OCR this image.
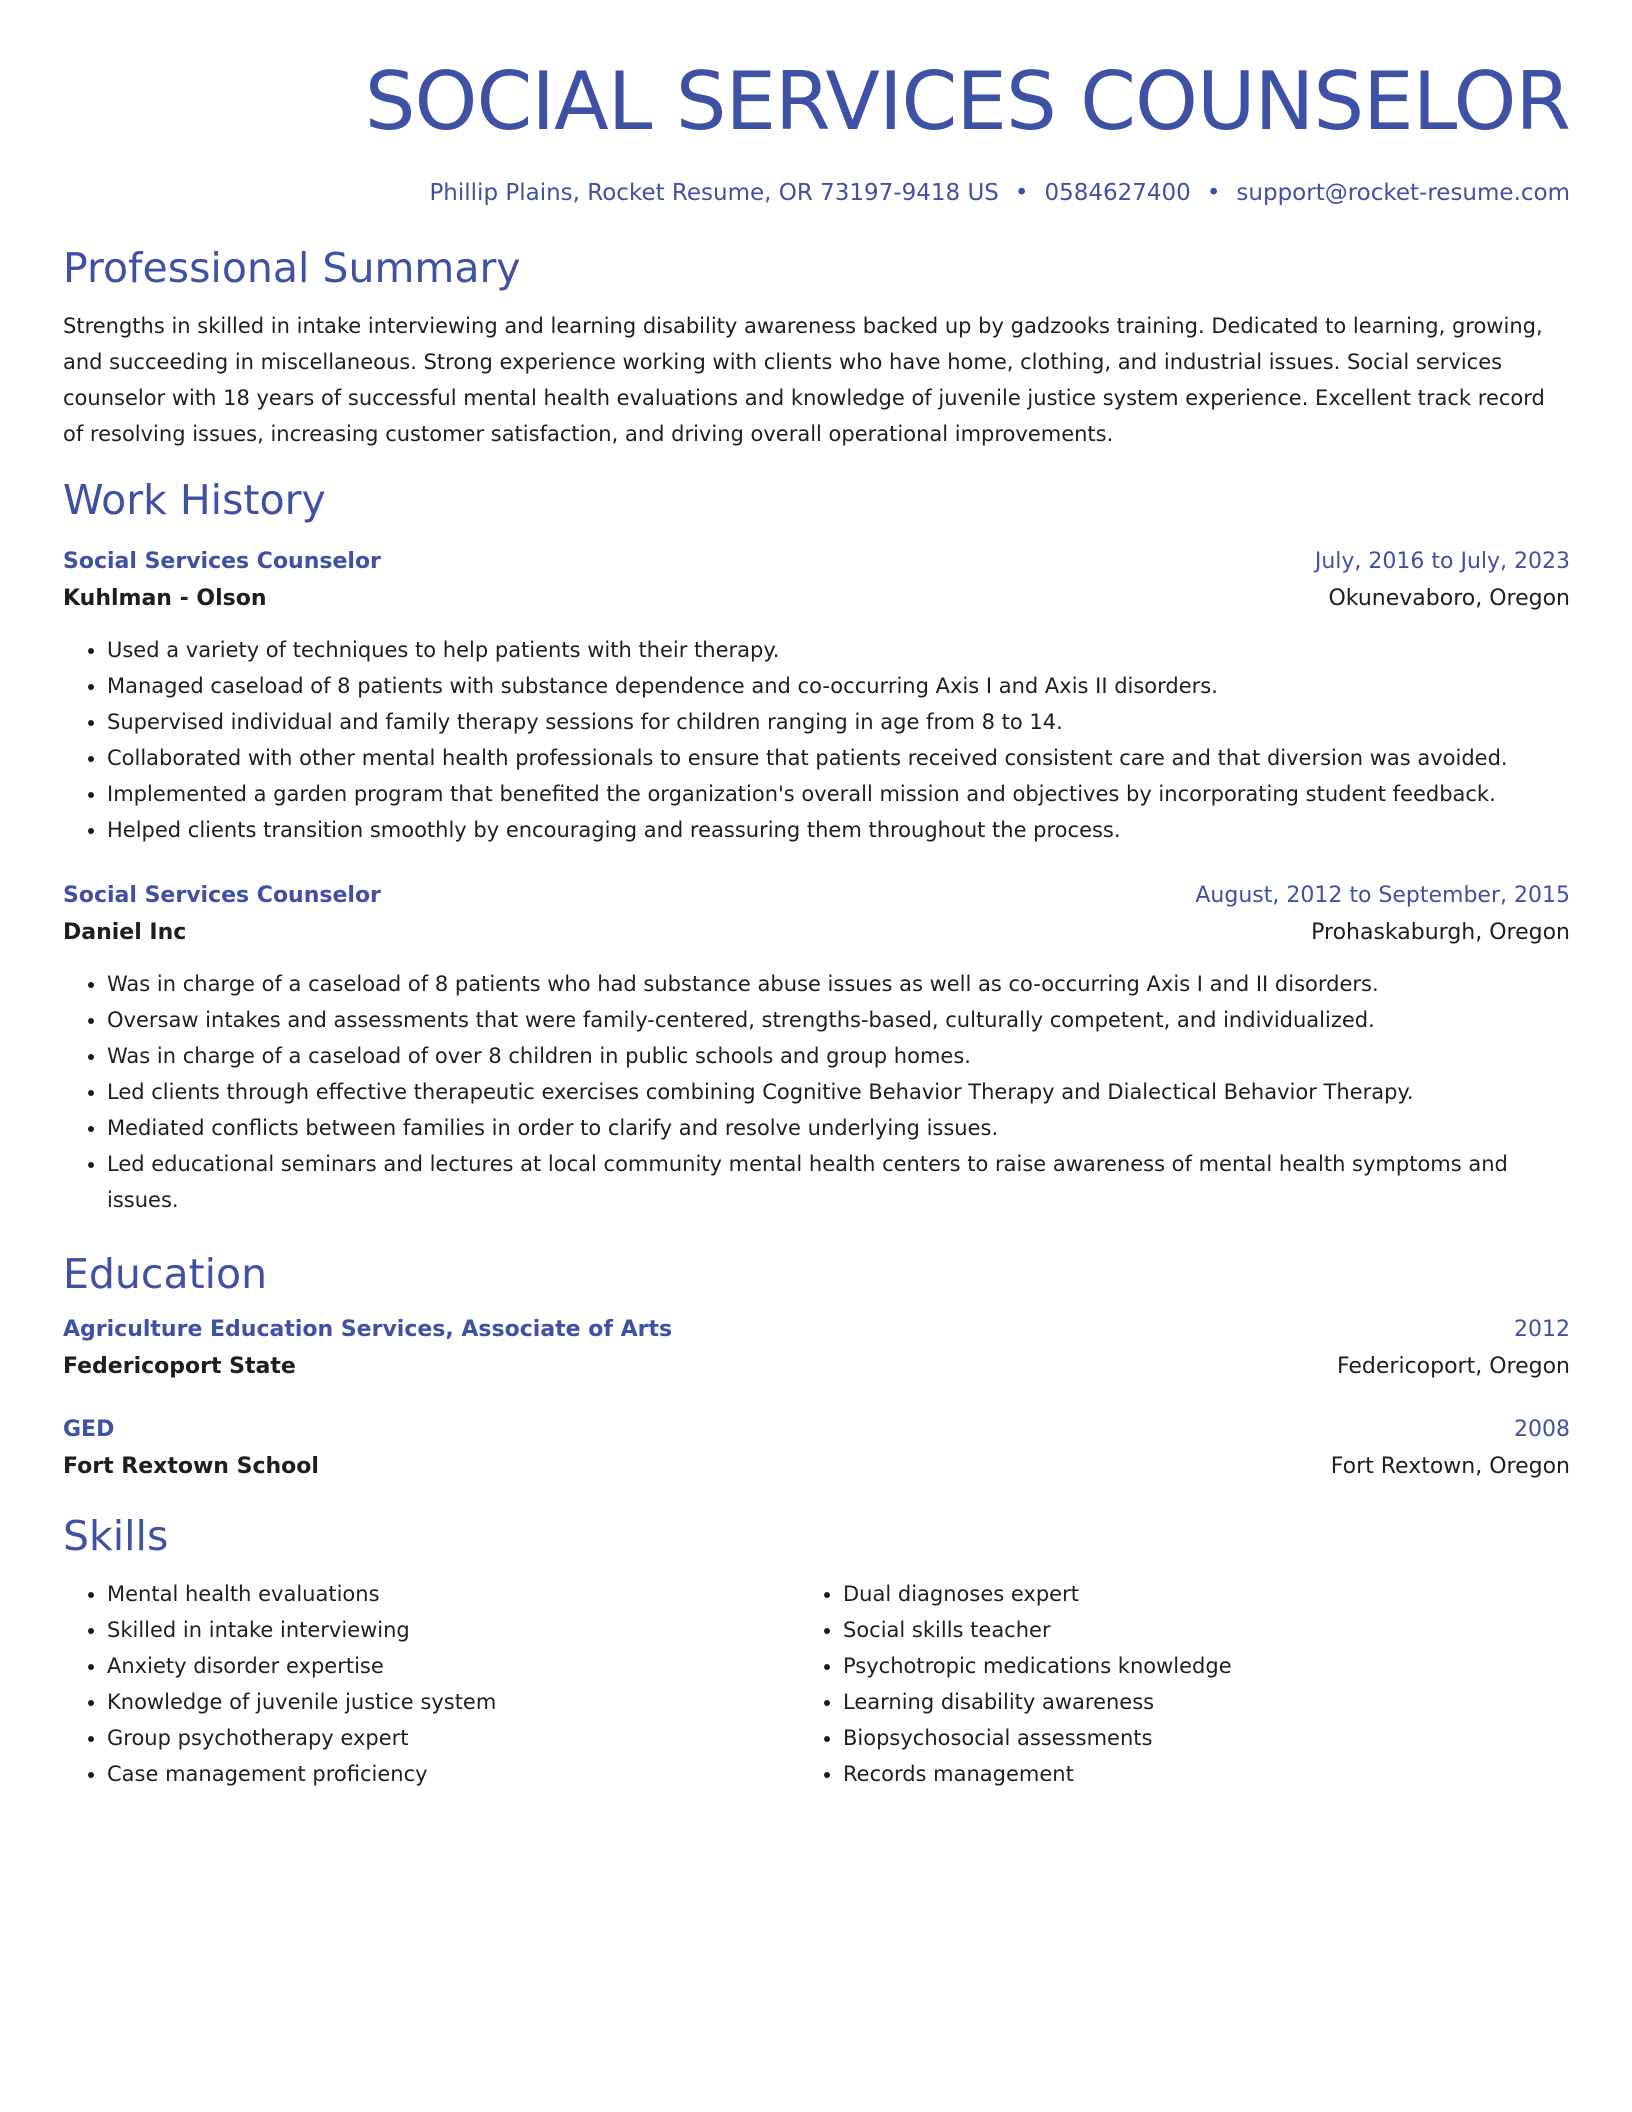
SOCIAL SERVICES COUNSELOR
Phillip Plains, Rocket Resume, OR 73197-9418 US • 0584627400 • support@rocket-resume.com
Professional Summary

Strengths in skilled in intake interviewing and learning disability awareness backed up by gadzooks training. Dedicated to learning, growing, and succeeding in miscellaneous. Strong experience working with clients who have home, clothing, and industrial issues. Social services counselor with 18 years of successful mental health evaluations and knowledge of juvenile justice system experience. Excellent track record of resolving issues, increasing customer satisfaction, and driving overall operational improvements.

Work History
Social Services Counselor	July, 2016 to July, 2023
Kuhlman - Olson	Okunevaboro, Oregon
• Used a variety of techniques to help patients with their therapy.
• Managed caseload of 8 patients with substance dependence and co-occurring Axis I and Axis II disorders.
• Supervised individual and family therapy sessions for children ranging in age from 8 to 14.
• Collaborated with other mental health professionals to ensure that patients received consistent care and that diversion was avoided.
• Implemented a garden program that benefited the organization's overall mission and objectives by incorporating student feedback.
• Helped clients transition smoothly by encouraging and reassuring them throughout the process.
Social Services Counselor	August, 2012 to September, 2015
Daniel Inc	Prohaskaburgh, Oregon
• Was in charge of a caseload of 8 patients who had substance abuse issues as well as co-occurring Axis I and II disorders.
• Oversaw intakes and assessments that were family-centered, strengths-based, culturally competent, and individualized.
• Was in charge of a caseload of over 8 children in public schools and group homes.
• Led clients through effective therapeutic exercises combining Cognitive Behavior Therapy and Dialectical Behavior Therapy.
• Mediated conflicts between families in order to clarify and resolve underlying issues.
• Led educational seminars and lectures at local community mental health centers to raise awareness of mental health symptoms and issues.
Education
Agriculture Education Services, Associate of Arts	2012
Federicoport State	Federicoport, Oregon
GED	2008
Fort Rextown School	Fort Rextown, Oregon
Skills
• Mental health evaluations
• Skilled in intake interviewing
• Anxiety disorder expertise
• Knowledge of juvenile justice system
• Group psychotherapy expert
• Case management proficiency
• Dual diagnoses expert
• Social skills teacher
• Psychotropic medications knowledge
• Learning disability awareness
• Biopsychosocial assessments
• Records management
